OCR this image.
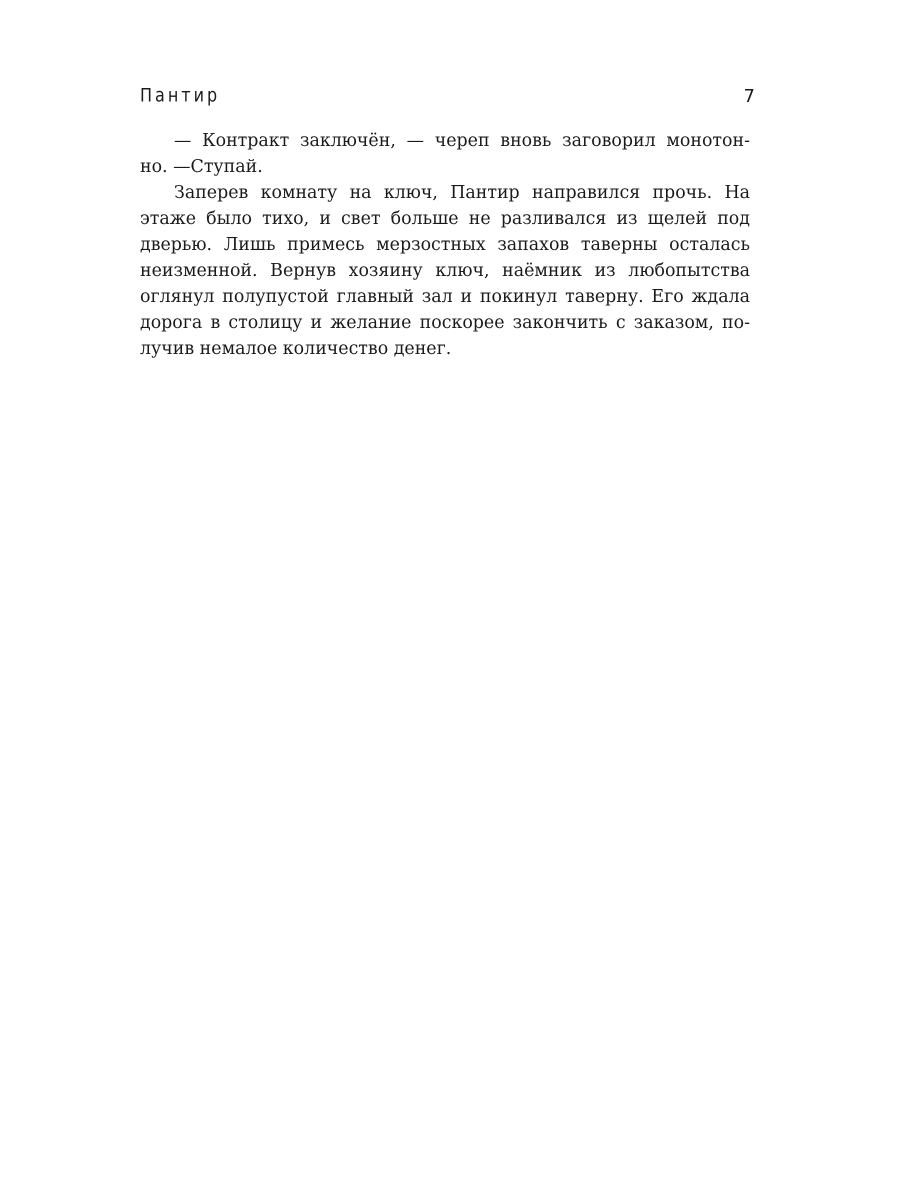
Пантир	7
— Контракт заключён, — череп вновь заговорил монотон-
но. —Ступай.
Заперев комнату на ключ, Пантир направился прочь. На
этаже было тихо, и свет больше не разливался из щелей под
дверью. Лишь примесь мерзостных запахов таверны осталась
неизменной. Вернув хозяину ключ, наёмник из любопытства
оглянул полупустой главный зал и покинул таверну. Его ждала
дорога в столицу и желание поскорее закончить с заказом, по-
лучив немалое количество денег.
